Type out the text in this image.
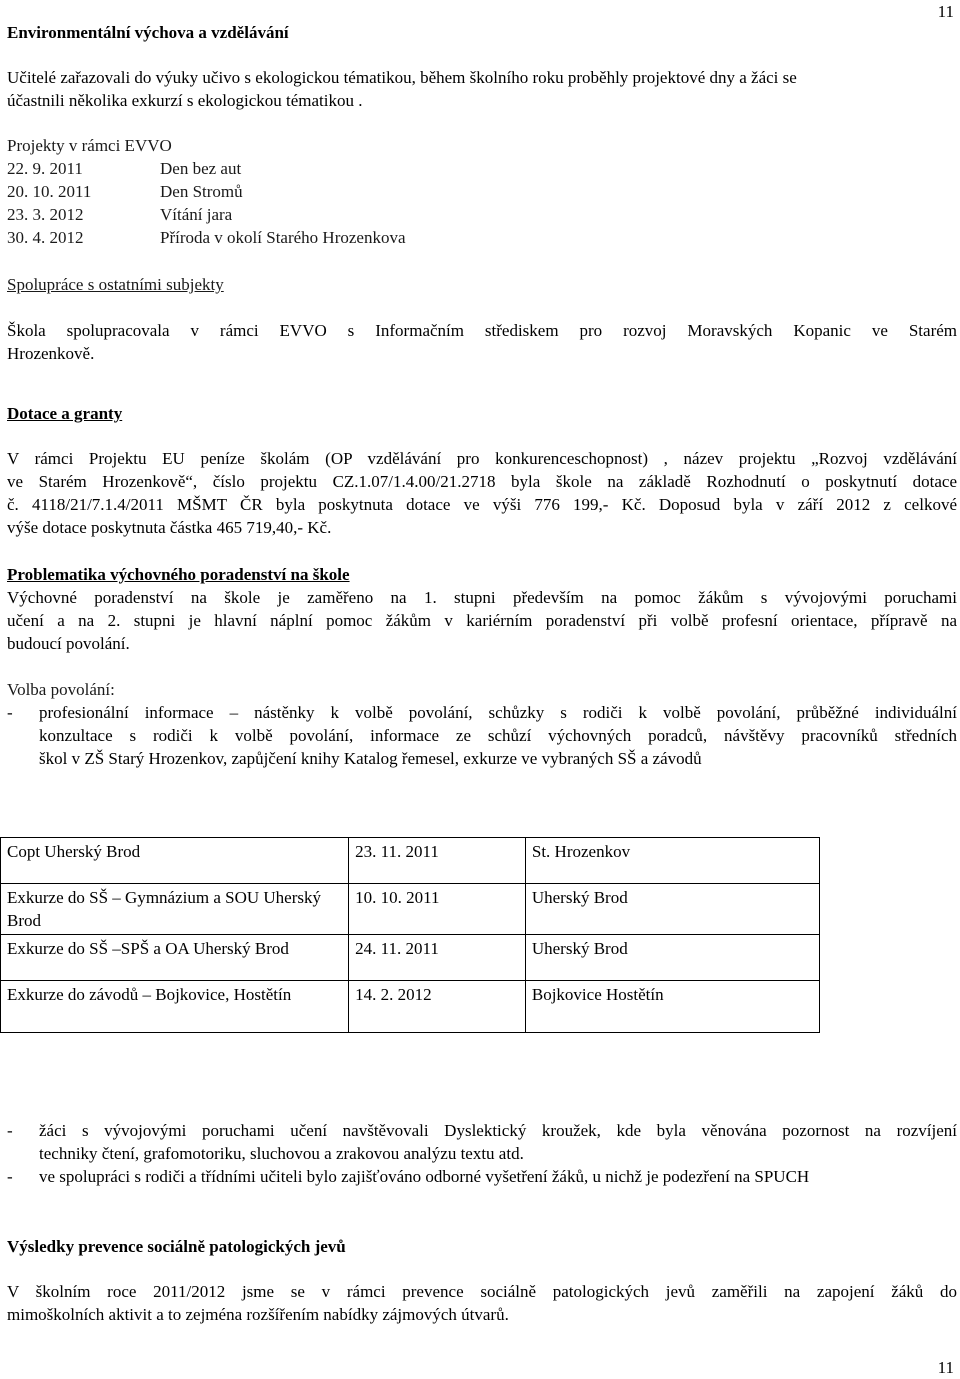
11
Environmentální výchova a vzdělávání
Učitelé zařazovali do výuky učivo s ekologickou tématikou, během školního roku proběhly projektové dny a žáci se
účastnili několika exkurzí s ekologickou tématikou .
Projekty v rámci EVVO
22. 9. 2011	Den bez aut
20. 10. 2011	Den Stromů
23. 3. 2012	Vítání jara
30. 4. 2012	Příroda v okolí Starého Hrozenkova
Spolupráce s ostatními subjekty
Škola spolupracovala v rámci EVVO s Informačním střediskem pro rozvoj Moravských Kopanic ve Starém
Hrozenkově.
Dotace a granty
V rámci Projektu EU peníze školám (OP vzdělávání pro konkurenceschopnost) , název projektu „Rozvoj vzdělávání
ve Starém Hrozenkově“, číslo projektu CZ.1.07/1.4.00/21.2718 byla škole na základě Rozhodnutí o poskytnutí dotace
č. 4118/21/7.1.4/2011 MŠMT ČR byla poskytnuta dotace ve výši 776 199,- Kč. Doposud byla v září 2012 z celkové
výše dotace poskytnuta částka 465 719,40,- Kč.
Problematika výchovného poradenství na škole
Výchovné poradenství na škole je zaměřeno na 1. stupni především na pomoc žákům s vývojovými poruchami
učení a na 2. stupni je hlavní náplní pomoc žákům v kariérním poradenství při volbě profesní orientace, přípravě na
budoucí povolání.
Volba povolání:
- profesionální informace – nástěnky k volbě povolání, schůzky s rodiči k volbě povolání, průběžné individuální
konzultace s rodiči k volbě povolání, informace ze schůzí výchovných poradců, návštěvy pracovníků středních
škol v ZŠ Starý Hrozenkov, zapůjčení knihy Katalog řemesel, exkurze ve vybraných SŠ a závodů
Copt Uherský Brod	23. 11. 2011	St. Hrozenkov
Exkurze do SŠ – Gymnázium a SOU Uherský Brod	10. 10. 2011	Uherský Brod
Exkurze do SŠ –SPŠ a OA Uherský Brod	24. 11. 2011	Uherský Brod
Exkurze do závodů – Bojkovice, Hostětín	14. 2. 2012	Bojkovice Hostětín
- žáci s vývojovými poruchami učení navštěvovali Dyslektický kroužek, kde byla věnována pozornost na rozvíjení
techniky čtení, grafomotoriku, sluchovou a zrakovou analýzu textu atd.
- ve spolupráci s rodiči a třídními učiteli bylo zajišťováno odborné vyšetření žáků, u nichž je podezření na SPUCH
Výsledky prevence sociálně patologických jevů
V školním roce 2011/2012 jsme se v rámci prevence sociálně patologických jevů zaměřili na zapojení žáků do
mimoškolních aktivit a to zejména rozšířením nabídky zájmových útvarů.
11
